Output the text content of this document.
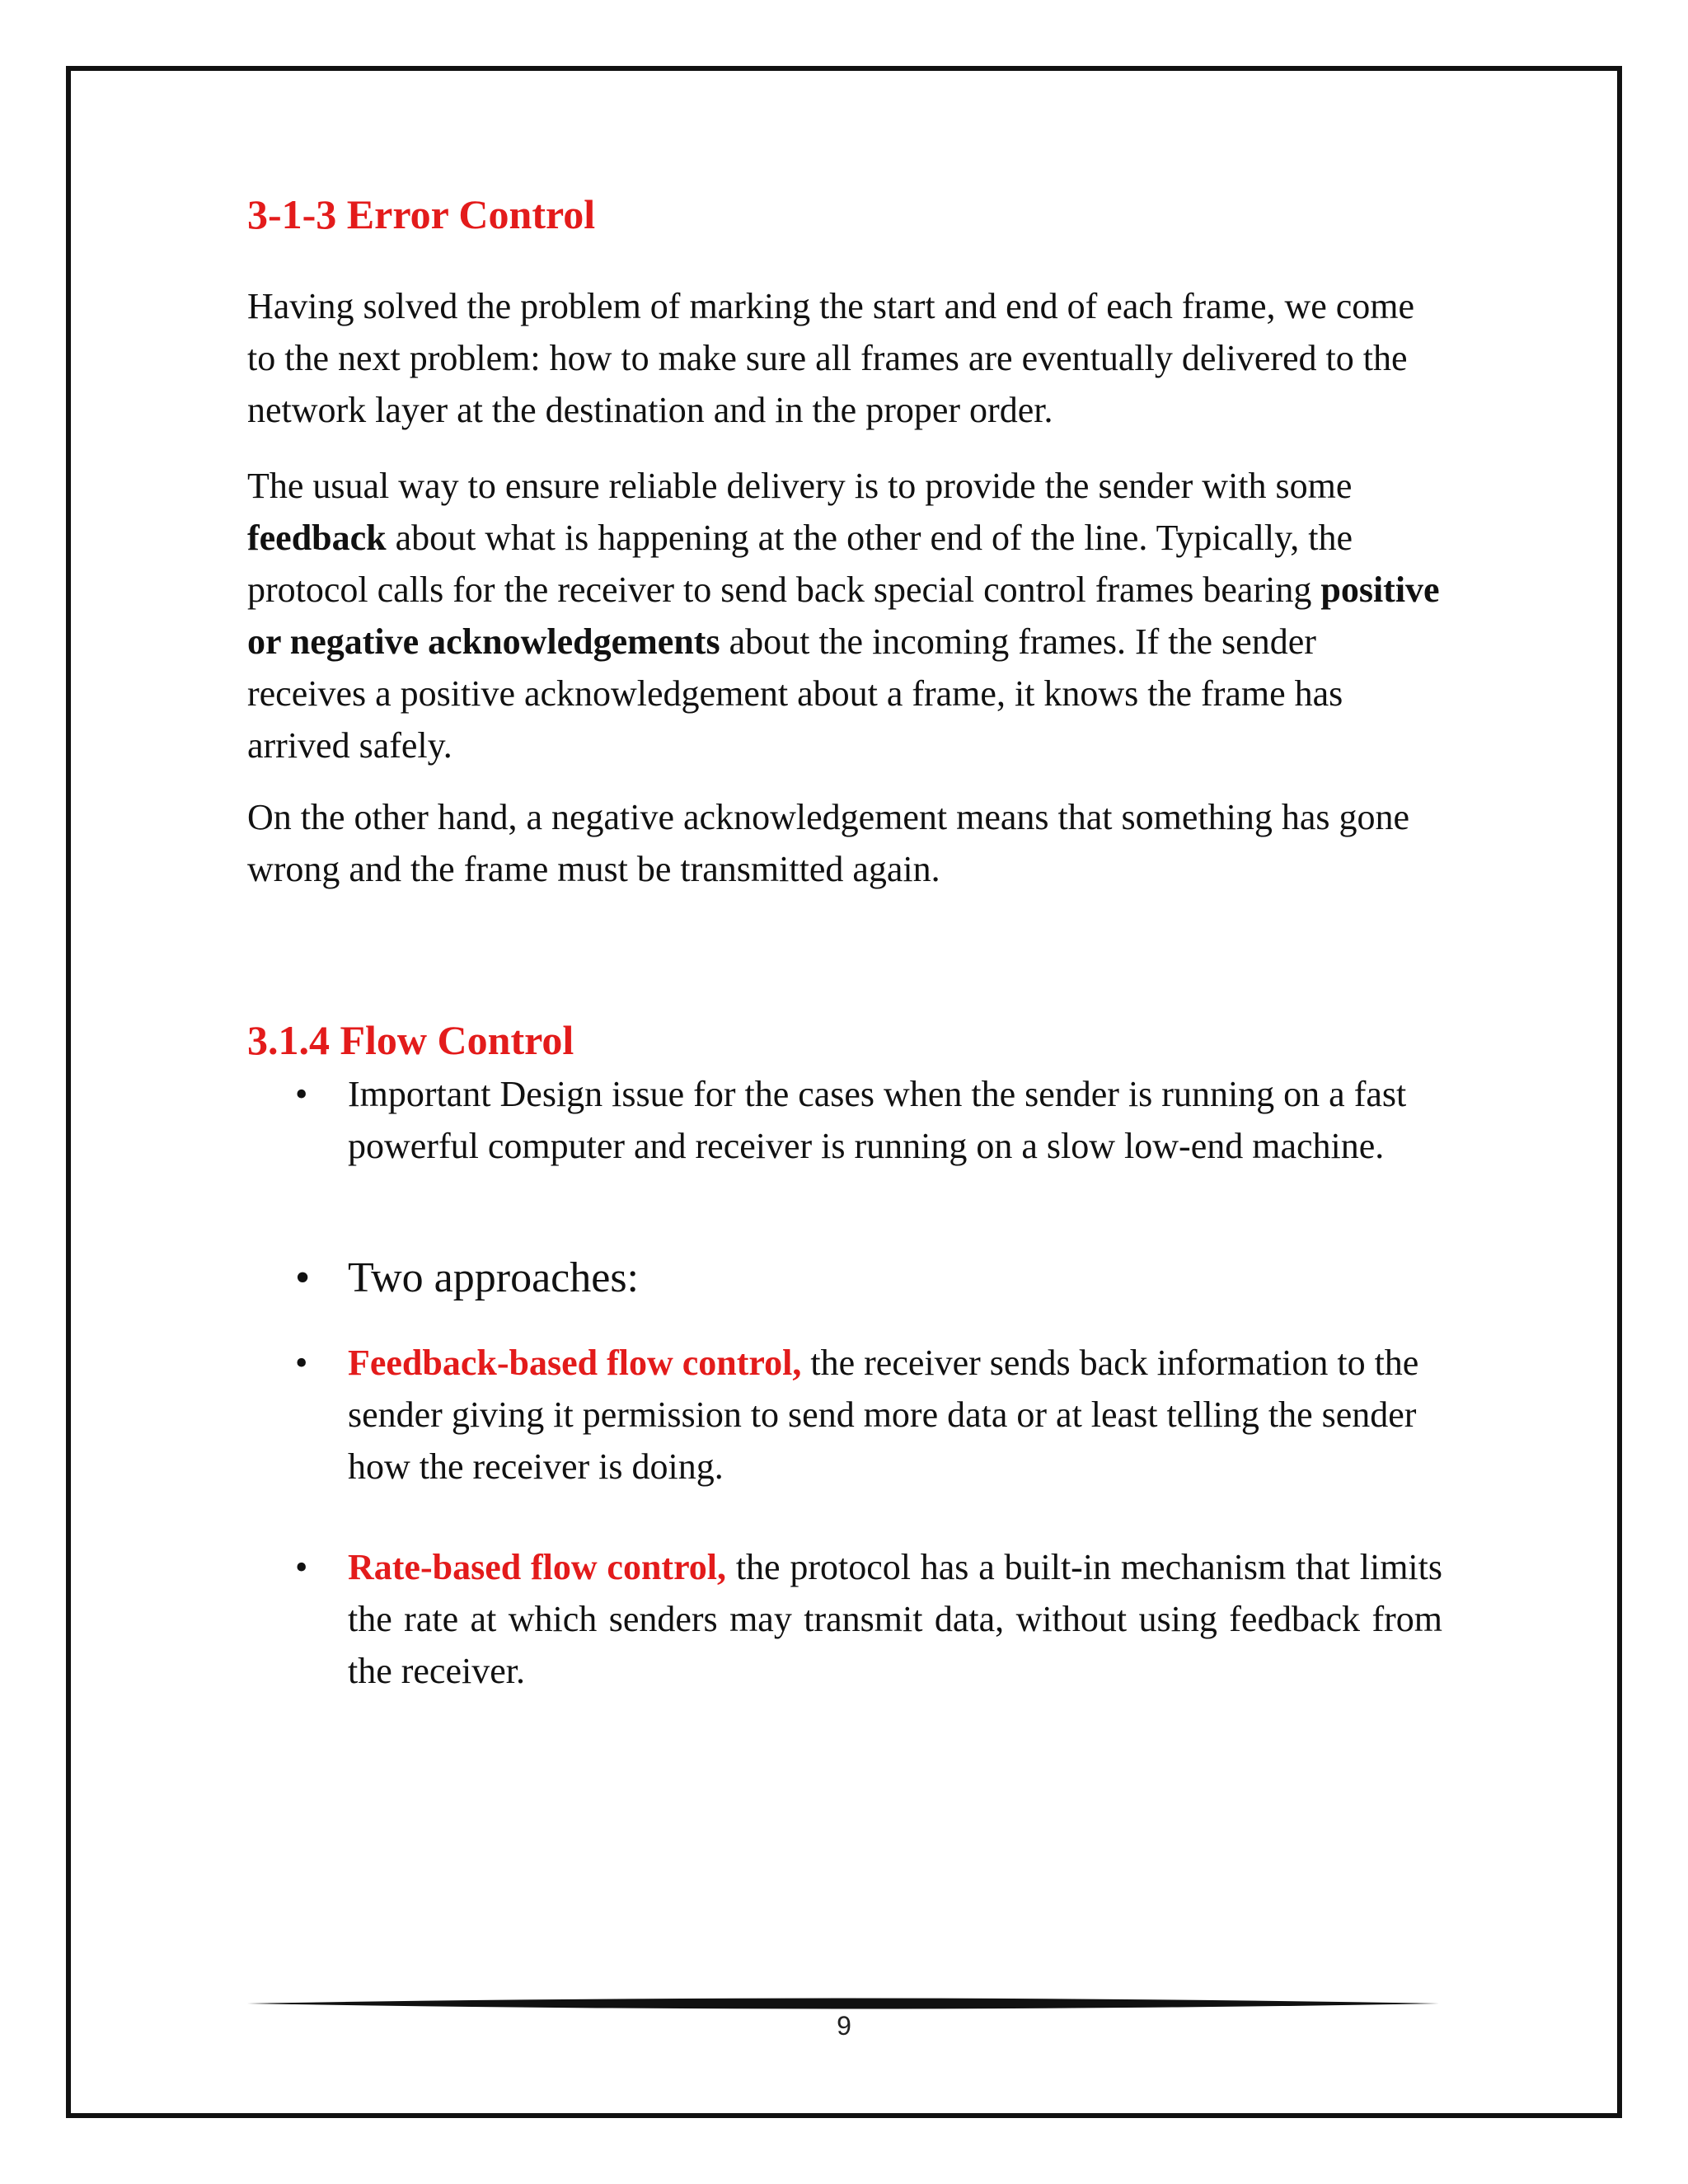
3-1-3 Error Control

Having solved the problem of marking the start and end of each frame, we come to the next problem: how to make sure all frames are eventually delivered to the network layer at the destination and in the proper order.

The usual way to ensure reliable delivery is to provide the sender with some feedback about what is happening at the other end of the line. Typically, the protocol calls for the receiver to send back special control frames bearing positive or negative acknowledgements about the incoming frames. If the sender receives a positive acknowledgement about a frame, it knows the frame has arrived safely.

On the other hand, a negative acknowledgement means that something has gone wrong and the frame must be transmitted again.

3.1.4 Flow Control
• Important Design issue for the cases when the sender is running on a fast powerful computer and receiver is running on a slow low-end machine.
• Two approaches:
• Feedback-based flow control, the receiver sends back information to the sender giving it permission to send more data or at least telling the sender how the receiver is doing.
• Rate-based flow control, the protocol has a built-in mechanism that limits the rate at which senders may transmit data, without using feedback from the receiver.
9
